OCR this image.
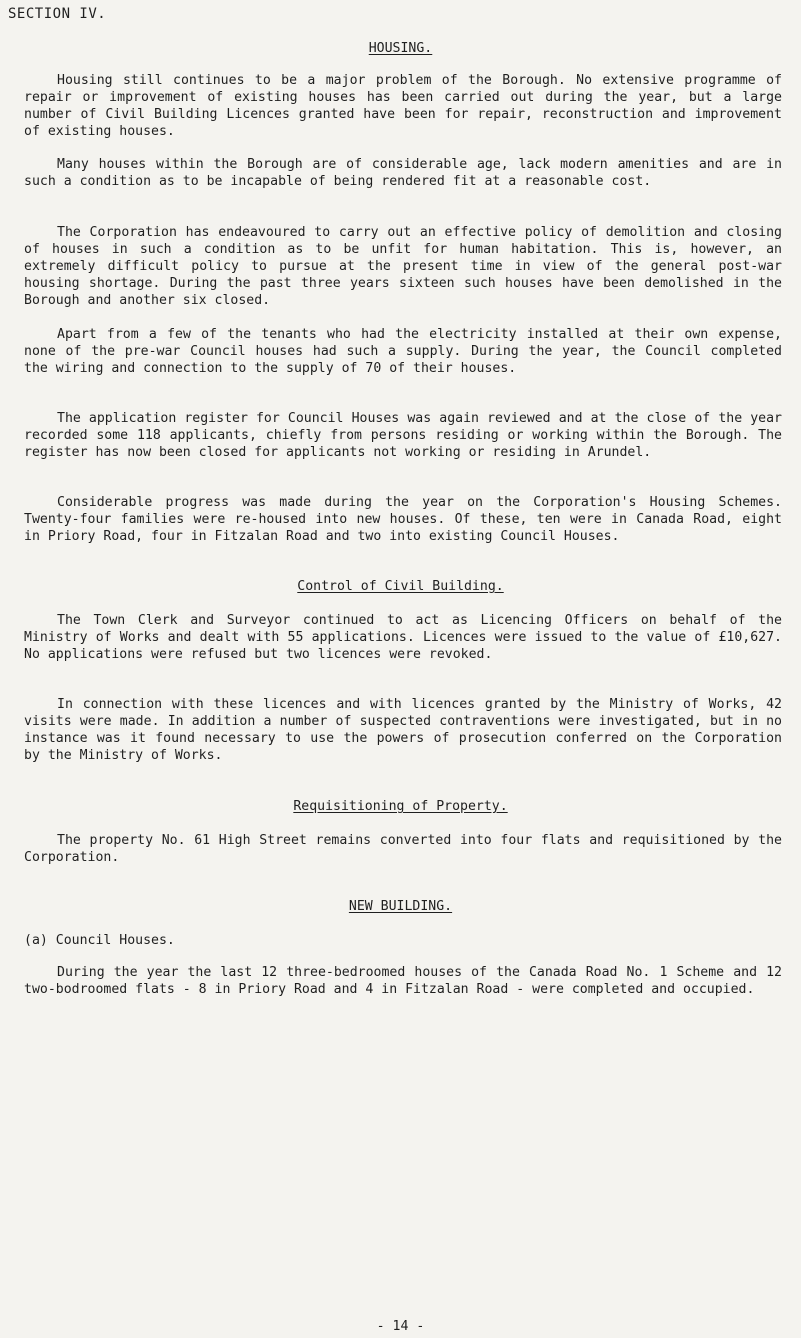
SECTION IV.
HOUSING.

Housing still continues to be a major problem of the Borough. No extensive programme of repair or improvement of existing houses has been carried out during the year, but a large number of Civil Building Licences granted have been for repair, reconstruction and improvement of existing houses.

Many houses within the Borough are of considerable age, lack modern amenities and are in such a condition as to be incapable of being rendered fit at a reasonable cost.

The Corporation has endeavoured to carry out an effective policy of demolition and closing of houses in such a condition as to be unfit for human habitation. This is, however, an extremely difficult policy to pursue at the present time in view of the general post-war housing shortage. During the past three years sixteen such houses have been demolished in the Borough and another six closed.

Apart from a few of the tenants who had the electricity installed at their own expense, none of the pre-war Council houses had such a supply. During the year, the Council completed the wiring and connection to the supply of 70 of their houses.

The application register for Council Houses was again reviewed and at the close of the year recorded some 118 applicants, chiefly from persons residing or working within the Borough. The register has now been closed for applicants not working or residing in Arundel.

Considerable progress was made during the year on the Corporation's Housing Schemes. Twenty-four families were re-housed into new houses. Of these, ten were in Canada Road, eight in Priory Road, four in Fitzalan Road and two into existing Council Houses.

Control of Civil Building.

The Town Clerk and Surveyor continued to act as Licencing Officers on behalf of the Ministry of Works and dealt with 55 applications. Licences were issued to the value of £10,627. No applications were refused but two licences were revoked.

In connection with these licences and with licences granted by the Ministry of Works, 42 visits were made. In addition a number of suspected contraventions were investigated, but in no instance was it found necessary to use the powers of prosecution conferred on the Corporation by the Ministry of Works.

Requisitioning of Property.

The property No. 61 High Street remains converted into four flats and requisitioned by the Corporation.

NEW BUILDING.
(a) Council Houses.

During the year the last 12 three-bedroomed houses of the Canada Road No. 1 Scheme and 12 two-bodroomed flats - 8 in Priory Road and 4 in Fitzalan Road - were completed and occupied.

- 14 -
